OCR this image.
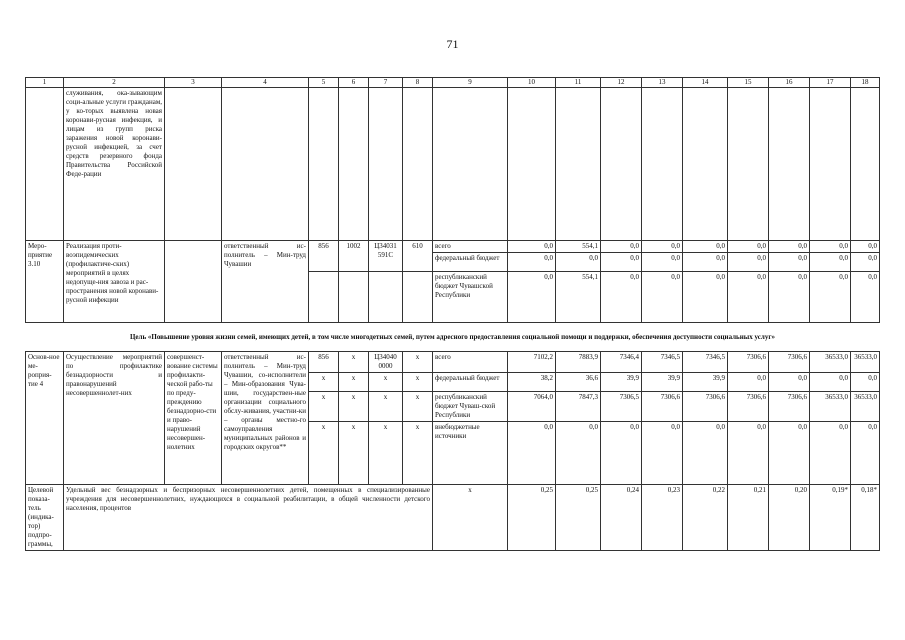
71
1	2	3	4	5	6	7	8	9	10	11	12	13	14	15	16	17	18
	служивания, ока-зывающим соци-альные услуги гражданам, у ко-торых выявлена новая коронави-русная инфекция, и лицам из групп риска заражения новой коронави-русной инфекцией, за счет средств резервного фонда Правительства Российской Феде-рации																
Меро-приятие 3.10	Реализация проти-воэпидемических (профилактиче-ских) мероприятий в целях недопуще-ния завоза и рас-пространения новой коронави-русной инфекции		ответственный ис-полнитель – Мин-труд Чувашии	856	1002	Ц34031 591С	610	всего	0,0	554,1	0,0	0,0	0,0	0,0	0,0	0,0	0,0
								федеральный бюджет	0,0	0,0	0,0	0,0	0,0	0,0	0,0	0,0	0,0
								республиканский бюджет Чувашской Республики	0,0	554,1	0,0	0,0	0,0	0,0	0,0	0,0	0,0
Цель «Повышение уровня жизни семей, имеющих детей, в том числе многодетных семей, путем адресного предоставления социальной помощи и поддержки, обеспечения доступности социальных услуг»																	
Основ-ное ме-роприя-тие 4	Осуществление мероприятий по профилактике безнадзорности и правонарушений несовершеннолет-них	совершенст-вование системы профилакти-ческой рабо-ты по преду-преждению безнадзорно-сти и право-нарушений несовершен-нолетних	ответственный ис-полнитель – Мин-труд Чувашии, со-исполнители – Мин-образования Чува-шии, государствен-ные организации социального обслу-живания, участни-ки – органы местно-го самоуправления муниципальных районов и городских округов**	856	х	Ц34040 0000	х	всего	7102,2	7883,9	7346,4	7346,5	7346,5	7306,6	7306,6	36533,0	36533,0
				х	х	х	х	федеральный бюджет	38,2	36,6	39,9	39,9	39,9	0,0	0,0	0,0	0,0
				х	х	х	х	республиканский бюджет Чуваш-ской Республики	7064,0	7847,3	7306,5	7306,6	7306,6	7306,6	7306,6	36533,0	36533,0
				х	х	х	х	внебюджетные источники	0,0	0,0	0,0	0,0	0,0	0,0	0,0	0,0	0,0
Целевой показа-тель (индика-тор) подпро-граммы,	Удельный вес безнадзорных и беспризорных несовершеннолетних детей, помещенных в специализированные учреждения для несовершеннолетних, нуждающихся в социальной реабилитации, в общей численности детского населения, процентов							х	0,25	0,25	0,24	0,23	0,22	0,21	0,20	0,19*	0,18*
